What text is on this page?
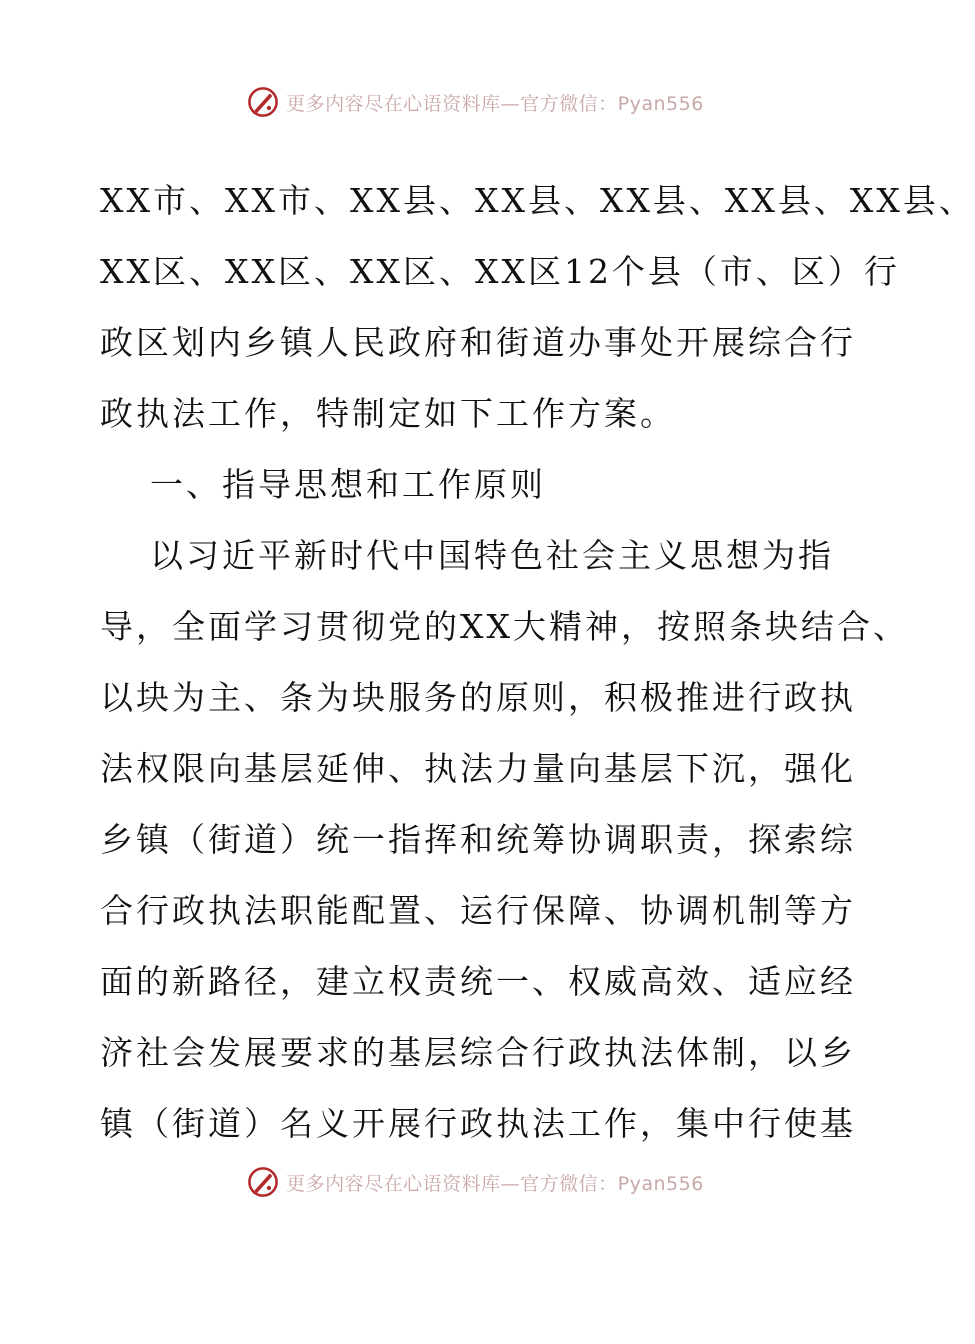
更多内容尽在心语资料库—官方微信：Pyan556
XX市、XX市、XX县、XX县、XX县、XX县、XX县、
XX区、XX区、XX区、XX区12个县（市、区）行
政区划内乡镇人民政府和街道办事处开展综合行
政执法工作，特制定如下工作方案。
一、指导思想和工作原则
以习近平新时代中国特色社会主义思想为指
导，全面学习贯彻党的XX大精神，按照条块结合、
以块为主、条为块服务的原则，积极推进行政执
法权限向基层延伸、执法力量向基层下沉，强化
乡镇（街道）统一指挥和统筹协调职责，探索综
合行政执法职能配置、运行保障、协调机制等方
面的新路径，建立权责统一、权威高效、适应经
济社会发展要求的基层综合行政执法体制，以乡
镇（街道）名义开展行政执法工作，集中行使基
更多内容尽在心语资料库—官方微信：Pyan556
